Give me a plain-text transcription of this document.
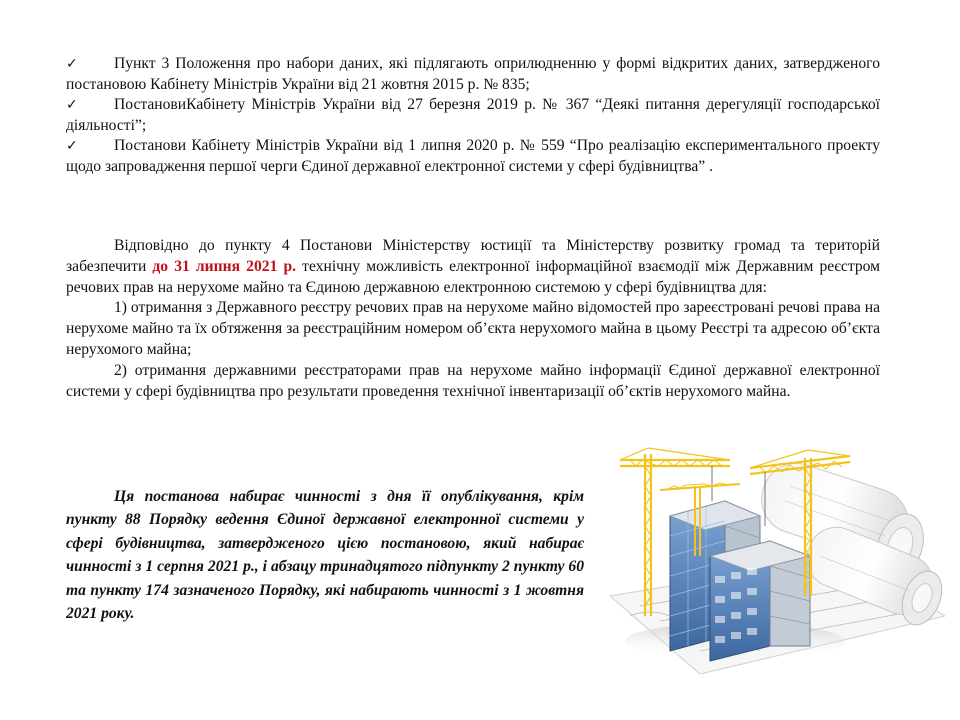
✓	Пункт 3 Положення про набори даних, які підлягають оприлюдненню у формі відкритих даних, затвердженого постановою Кабінету Міністрів України від 21 жовтня 2015 р. № 835;

✓	ПостановиКабінету Міністрів України від 27 березня 2019 р. № 367 “Деякі питання дерегуляції господарської діяльності”;

✓	Постанови Кабінету Міністрів України від 1 липня 2020 р. № 559 “Про реалізацію експериментального проекту щодо запровадження першої черги Єдиної державної електронної системи у сфері будівництва” .

Відповідно до пункту 4 Постанови Міністерству юстиції та Міністерству розвитку громад та територій забезпечити до 31 липня 2021 р. технічну можливість електронної інформаційної взаємодії між Державним реєстром речових прав на нерухоме майно та Єдиною державною електронною системою у сфері будівництва для:

1) отримання з Державного реєстру речових прав на нерухоме майно відомостей про зареєстровані речові права на нерухоме майно та їх обтяження за реєстраційним номером об’єкта нерухомого майна в цьому Реєстрі та адресою об’єкта нерухомого майна;

2) отримання державними реєстраторами прав на нерухоме майно інформації Єдиної державної електронної системи у сфері будівництва про результати проведення технічної інвентаризації об’єктів нерухомого майна.

Ця постанова набирає чинності з дня її опублікування, крім пункту 88 Порядку ведення Єдиної державної електронної системи у сфері будівництва, затвердженого цією постановою, який набирає чинності з 1 серпня 2021 р., і абзацу тринадцятого підпункту 2 пункту 60 та пункту 174 зазначеного Порядку, які набирають чинності з 1 жовтня 2021 року.
